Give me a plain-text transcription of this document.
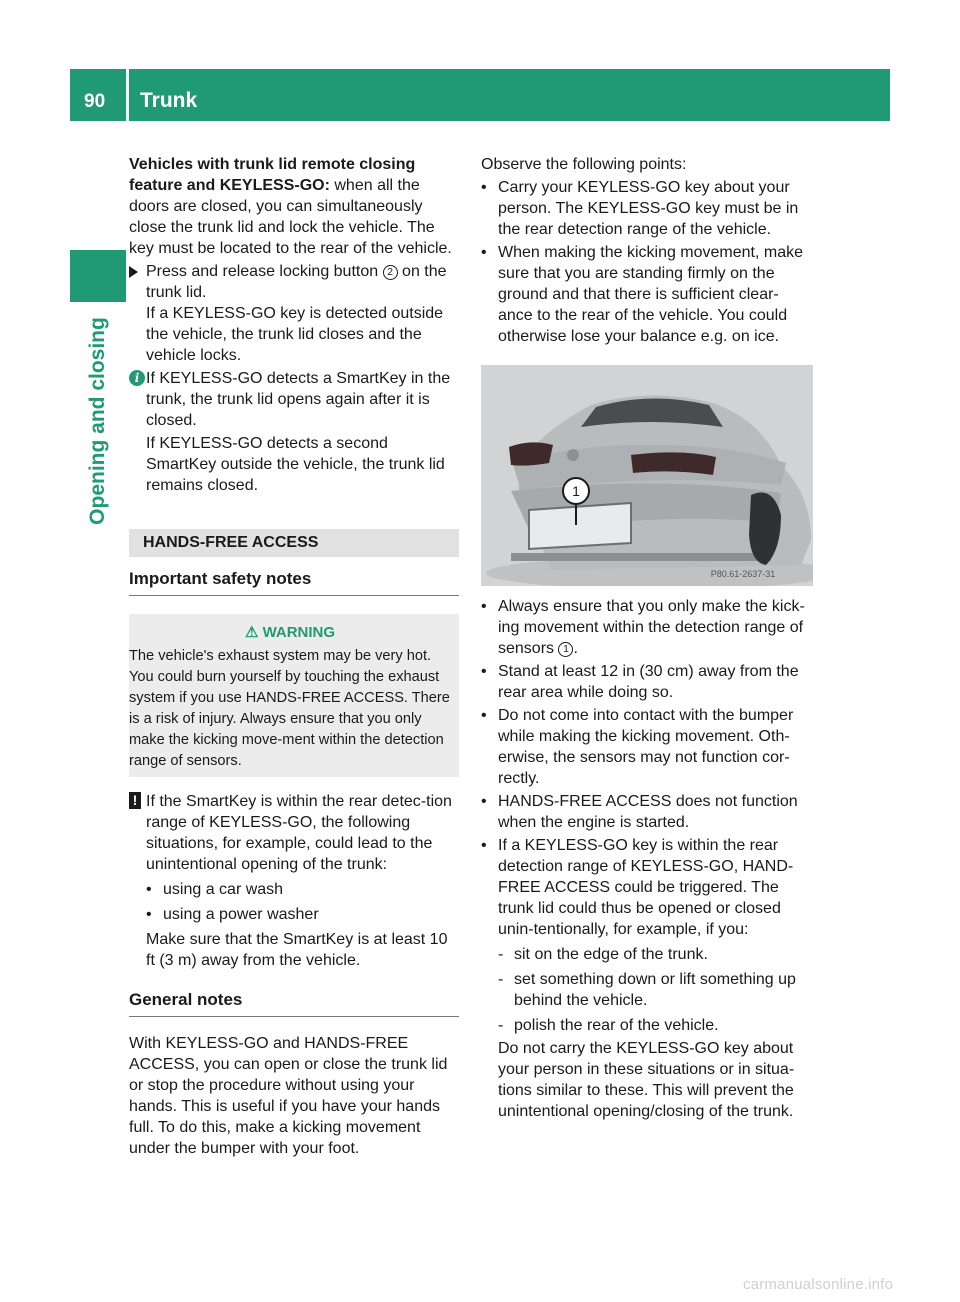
90 Trunk
Opening and closing

Vehicles with trunk lid remote closing feature and KEYLESS-GO: when all the doors are closed, you can simultaneously close the trunk lid and lock the vehicle. The key must be located to the rear of the vehicle.

Press and release locking button 2 on the trunk lid.

If a KEYLESS-GO key is detected outside the vehicle, the trunk lid closes and the vehicle locks.

i If KEYLESS-GO detects a SmartKey in the trunk, the trunk lid opens again after it is closed.

If KEYLESS-GO detects a second SmartKey outside the vehicle, the trunk lid remains closed.

HANDS-FREE ACCESS
Important safety notes
⚠ WARNING

The vehicle's exhaust system may be very hot. You could burn yourself by touching the exhaust system if you use HANDS-FREE ACCESS. There is a risk of injury. Always ensure that you only make the kicking move-ment within the detection range of sensors.

! If the SmartKey is within the rear detec-tion range of KEYLESS-GO, the following situations, for example, could lead to the unintentional opening of the trunk:

• using a car wash
• using a power washer

Make sure that the SmartKey is at least 10 ft (3 m) away from the vehicle.

General notes

With KEYLESS-GO and HANDS-FREE ACCESS, you can open or close the trunk lid or stop the procedure without using your hands. This is useful if you have your hands full. To do this, make a kicking movement under the bumper with your foot.

Observe the following points:

• Carry your KEYLESS-GO key about your person. The KEYLESS-GO key must be in the rear detection range of the vehicle.
• When making the kicking movement, make sure that you are standing firmly on the ground and that there is sufficient clear-ance to the rear of the vehicle. You could otherwise lose your balance e.g. on ice.
1
P80.61-2637-31
• Always ensure that you only make the kick-ing movement within the detection range of sensors 1 .
• Stand at least 12 in (30 cm) away from the rear area while doing so.
• Do not come into contact with the bumper while making the kicking movement. Oth-erwise, the sensors may not function cor-rectly.
• HANDS-FREE ACCESS does not function when the engine is started.
• If a KEYLESS-GO key is within the rear detection range of KEYLESS-GO, HAND-FREE ACCESS could be triggered. The trunk lid could thus be opened or closed unin-tentionally, for example, if you:
- sit on the edge of the trunk.
- set something down or lift something up behind the vehicle.
- polish the rear of the vehicle.

Do not carry the KEYLESS-GO key about your person in these situations or in situa-tions similar to these. This will prevent the unintentional opening/closing of the trunk.

carmanualsonline.info
